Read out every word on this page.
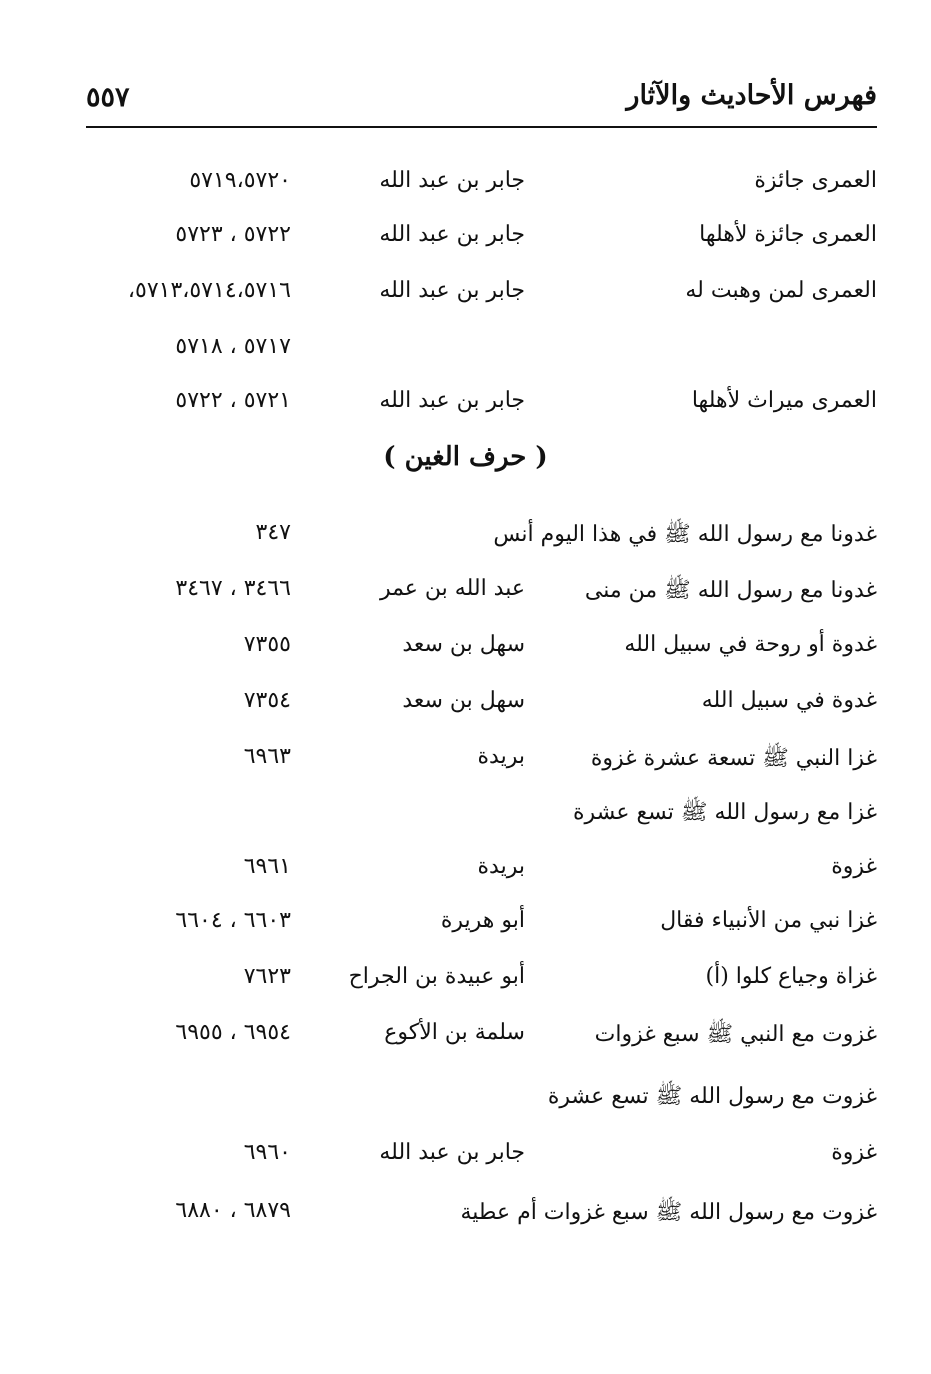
فهرس الأحاديث والآثار
٥٥٧
العمرى جائزة
جابر بن عبد الله
٥٧١٩،٥٧٢٠
العمرى جائزة لأهلها
جابر بن عبد الله
٥٧٢٢ ، ٥٧٢٣
العمرى لمن وهبت له
جابر بن عبد الله
٥٧١٣،٥٧١٤،٥٧١٦،
٥٧١٧ ، ٥٧١٨
العمرى ميراث لأهلها
جابر بن عبد الله
٥٧٢١ ، ٥٧٢٢
( حرف الغين )
غدونا مع رسول الله ﷺ في هذا اليوم أنس
٣٤٧
غدونا مع رسول الله ﷺ من منى
عبد الله بن عمر
٣٤٦٦ ، ٣٤٦٧
غدوة أو روحة في سبيل الله
سهل بن سعد
٧٣٥٥
غدوة في سبيل الله
سهل بن سعد
٧٣٥٤
غزا النبي ﷺ تسعة عشرة غزوة
بريدة
٦٩٦٣
غزا مع رسول الله ﷺ تسع عشرة
غزوة
بريدة
٦٩٦١
غزا نبي من الأنبياء فقال
أبو هريرة
٦٦٠٣ ، ٦٦٠٤
غزاة وجياع كلوا (أ)
أبو عبيدة بن الجراح
٧٦٢٣
غزوت مع النبي ﷺ سبع غزوات
سلمة بن الأكوع
٦٩٥٤ ، ٦٩٥٥
غزوت مع رسول الله ﷺ تسع عشرة
غزوة
جابر بن عبد الله
٦٩٦٠
غزوت مع رسول الله ﷺ سبع غزوات أم عطية
٦٨٧٩ ، ٦٨٨٠
